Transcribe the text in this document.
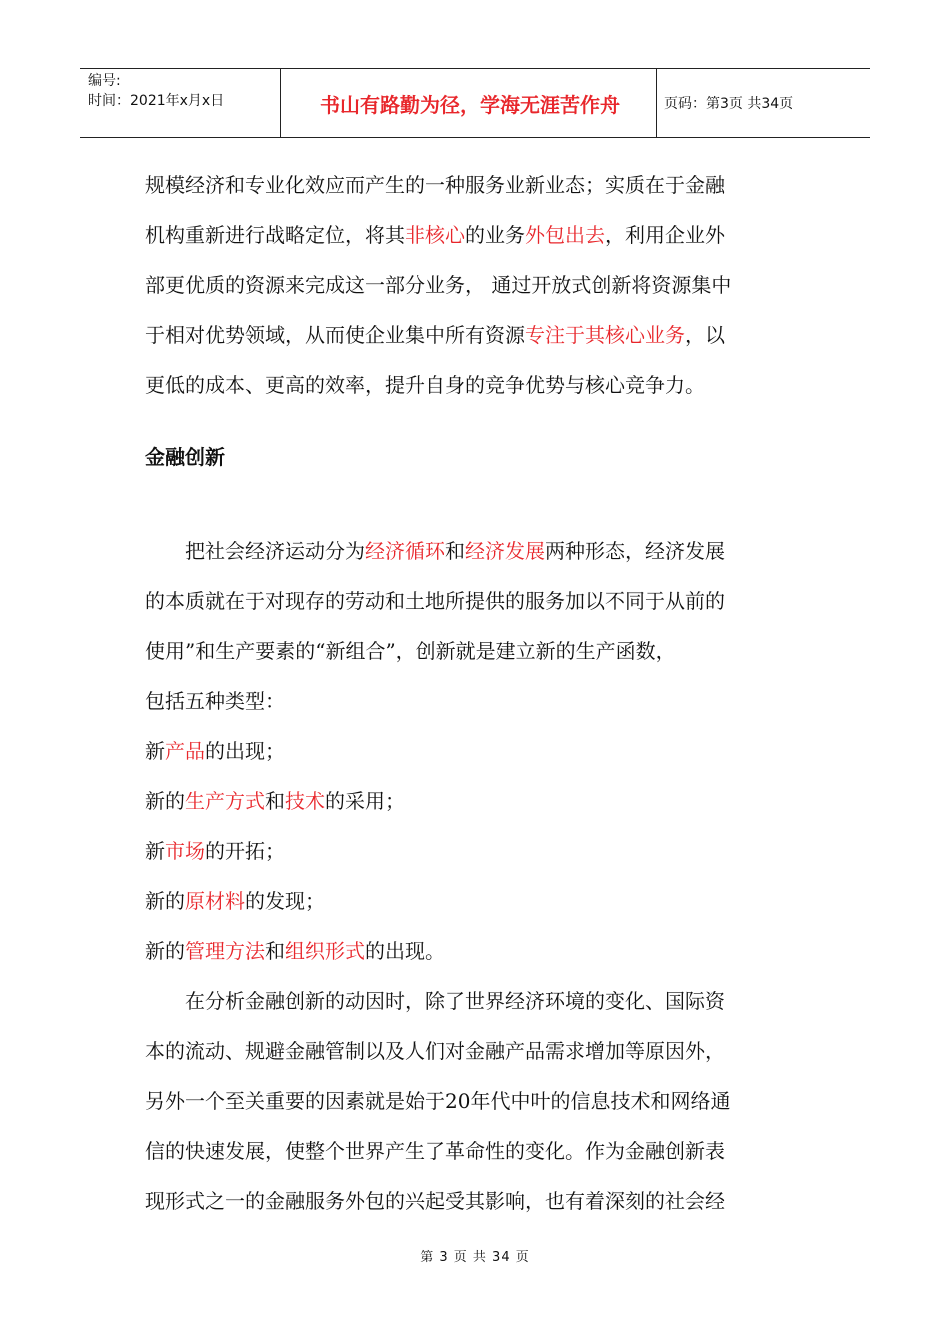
编号:
时间：2021年x月x日	书山有路勤为径，学海无涯苦作舟	页码：第3页 共34页

规模经济和专业化效应而产生的一种服务业新业态；实质在于金融

机构重新进行战略定位，将其非核心的业务外包出去，利用企业外

部更优质的资源来完成这一部分业务， 通过开放式创新将资源集中

于相对优势领域，从而使企业集中所有资源专注于其核心业务，以

更低的成本、更高的效率，提升自身的竞争优势与核心竞争力。

金融创新

把社会经济运动分为经济循环和经济发展两种形态，经济发展

的本质就在于对现存的劳动和土地所提供的服务加以不同于从前的

使用”和生产要素的“新组合”，创新就是建立新的生产函数，

包括五种类型：

新产品的出现；

新的生产方式和技术的采用；

新市场的开拓；

新的原材料的发现；

新的管理方法和组织形式的出现。

在分析金融创新的动因时，除了世界经济环境的变化、国际资

本的流动、规避金融管制以及人们对金融产品需求增加等原因外，

另外一个至关重要的因素就是始于20年代中叶的信息技术和网络通

信的快速发展，使整个世界产生了革命性的变化。作为金融创新表

现形式之一的金融服务外包的兴起受其影响，也有着深刻的社会经

第 3 页 共 34 页
